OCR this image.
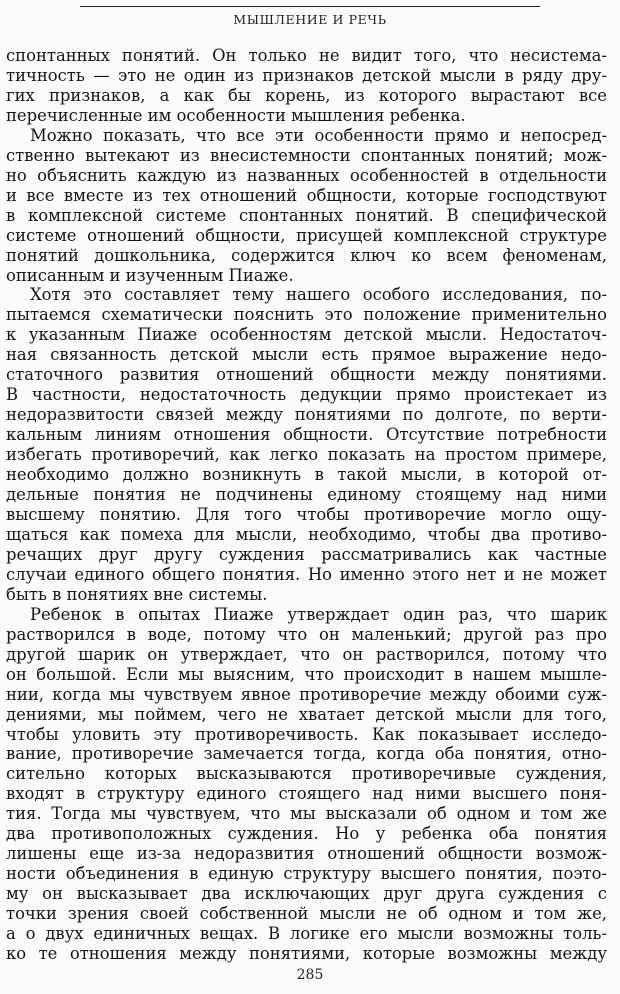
МЫШЛЕНИЕ И РЕЧЬ
спонтанных понятий. Он только не видит того, что несистема-
тичность — это не один из признаков детской мысли в ряду дру-
гих признаков, а как бы корень, из которого вырастают все
перечисленные им особенности мышления ребенка.
Можно показать, что все эти особенности прямо и непосред-
ственно вытекают из внесистемности спонтанных понятий; мож-
но объяснить каждую из названных особенностей в отдельности
и все вместе из тех отношений общности, которые господствуют
в комплексной системе спонтанных понятий. В специфической
системе отношений общности, присущей комплексной структуре
понятий дошкольника, содержится ключ ко всем феноменам,
описанным и изученным Пиаже.
Хотя это составляет тему нашего особого исследования, по-
пытаемся схематически пояснить это положение применительно
к указанным Пиаже особенностям детской мысли. Недостаточ-
ная связанность детской мысли есть прямое выражение недо-
статочного развития отношений общности между понятиями.
В частности, недостаточность дедукции прямо проистекает из
недоразвитости связей между понятиями по долготе, по верти-
кальным линиям отношения общности. Отсутствие потребности
избегать противоречий, как легко показать на простом примере,
необходимо должно возникнуть в такой мысли, в которой от-
дельные понятия не подчинены единому стоящему над ними
высшему понятию. Для того чтобы противоречие могло ощу-
щаться как помеха для мысли, необходимо, чтобы два противо-
речащих друг другу суждения рассматривались как частные
случаи единого общего понятия. Но именно этого нет и не может
быть в понятиях вне системы.
Ребенок в опытах Пиаже утверждает один раз, что шарик
растворился в воде, потому что он маленький; другой раз про
другой шарик он утверждает, что он растворился, потому что
он большой. Если мы выясним, что происходит в нашем мышле-
нии, когда мы чувствуем явное противоречие между обоими суж-
дениями, мы поймем, чего не хватает детской мысли для того,
чтобы уловить эту противоречивость. Как показывает исследо-
вание, противоречие замечается тогда, когда оба понятия, отно-
сительно которых высказываются противоречивые суждения,
входят в структуру единого стоящего над ними высшего поня-
тия. Тогда мы чувствуем, что мы высказали об одном и том же
два противоположных суждения. Но у ребенка оба понятия
лишены еще из-за недоразвития отношений общности возмож-
ности объединения в единую структуру высшего понятия, поэто-
му он высказывает два исключающих друг друга суждения с
точки зрения своей собственной мысли не об одном и том же,
а о двух единичных вещах. В логике его мысли возможны толь-
ко те отношения между понятиями, которые возможны между
285
